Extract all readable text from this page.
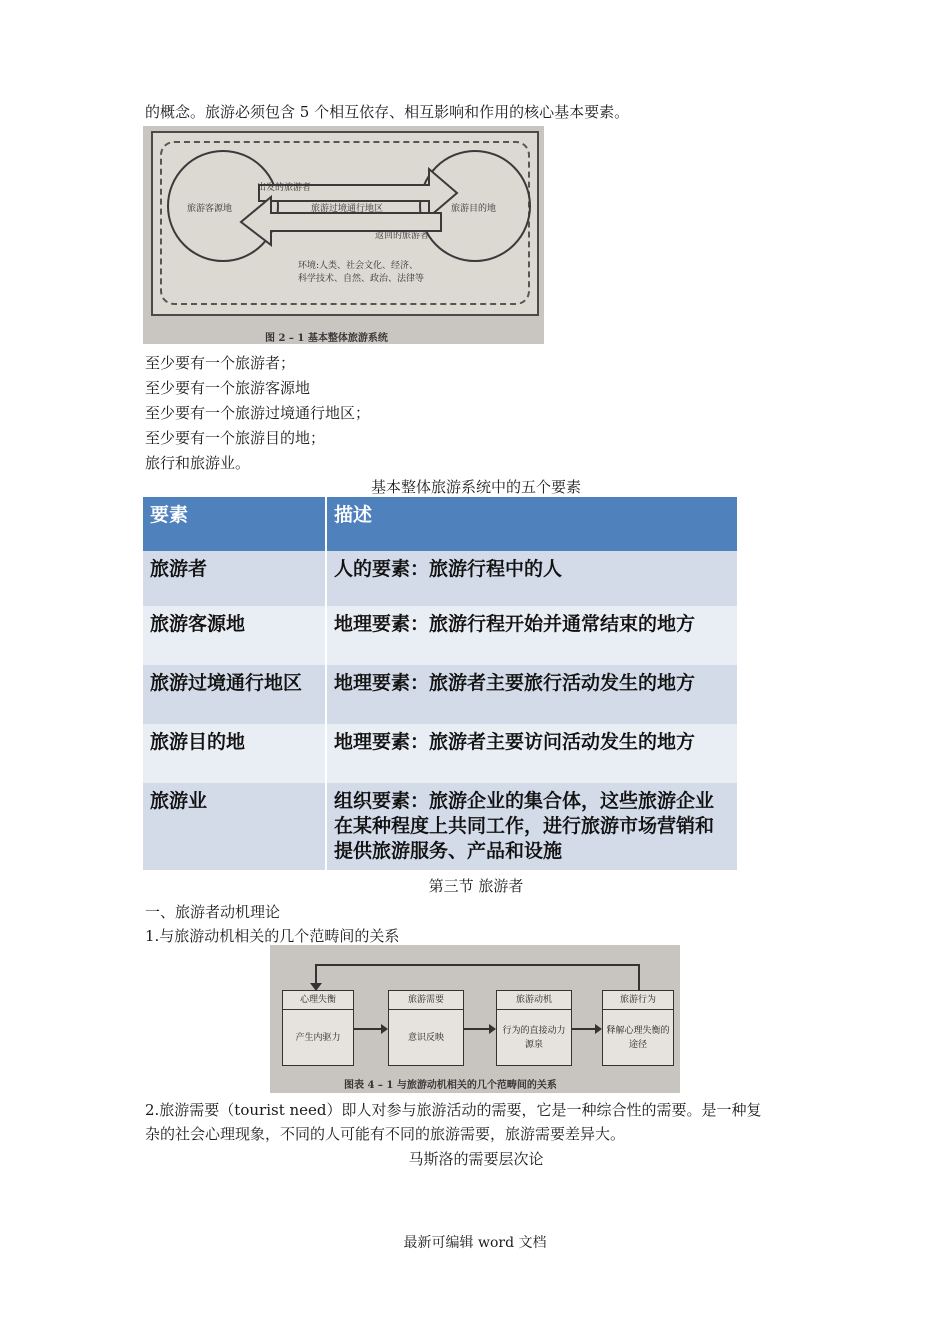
的概念。旅游必须包含 5 个相互依存、相互影响和作用的核心基本要素。
旅游客源地
出发的旅游者
旅游过境通行地区	旅游目的地
返回的旅游者
环境:人类、社会文化、经济、
科学技术、自然、政治、法律等
图 2 – 1 基本整体旅游系统
至少要有一个旅游者；
至少要有一个旅游客源地
至少要有一个旅游过境通行地区；
至少要有一个旅游目的地；
旅行和旅游业。
基本整体旅游系统中的五个要素
要素	描述
旅游者	人的要素：旅游行程中的人
旅游客源地	地理要素：旅游行程开始并通常结束的地方
旅游过境通行地区	地理要素：旅游者主要旅行活动发生的地方
旅游目的地	地理要素：旅游者主要访问活动发生的地方
旅游业	组织要素：旅游企业的集合体，这些旅游企业在某种程度上共同工作，进行旅游市场营销和提供旅游服务、产品和设施
第三节 旅游者
一、旅游者动机理论
1.与旅游动机相关的几个范畴间的关系
心理失衡
产生内驱力
旅游需要
意识反映
旅游动机
行为的直接动力源泉
旅游行为
释解心理失衡的途径
图表 4 – 1 与旅游动机相关的几个范畴间的关系
2.旅游需要（tourist need）即人对参与旅游活动的需要，它是一种综合性的需要。是一种复
杂的社会心理现象，不同的人可能有不同的旅游需要，旅游需要差异大。
马斯洛的需要层次论
最新可编辑 word 文档
